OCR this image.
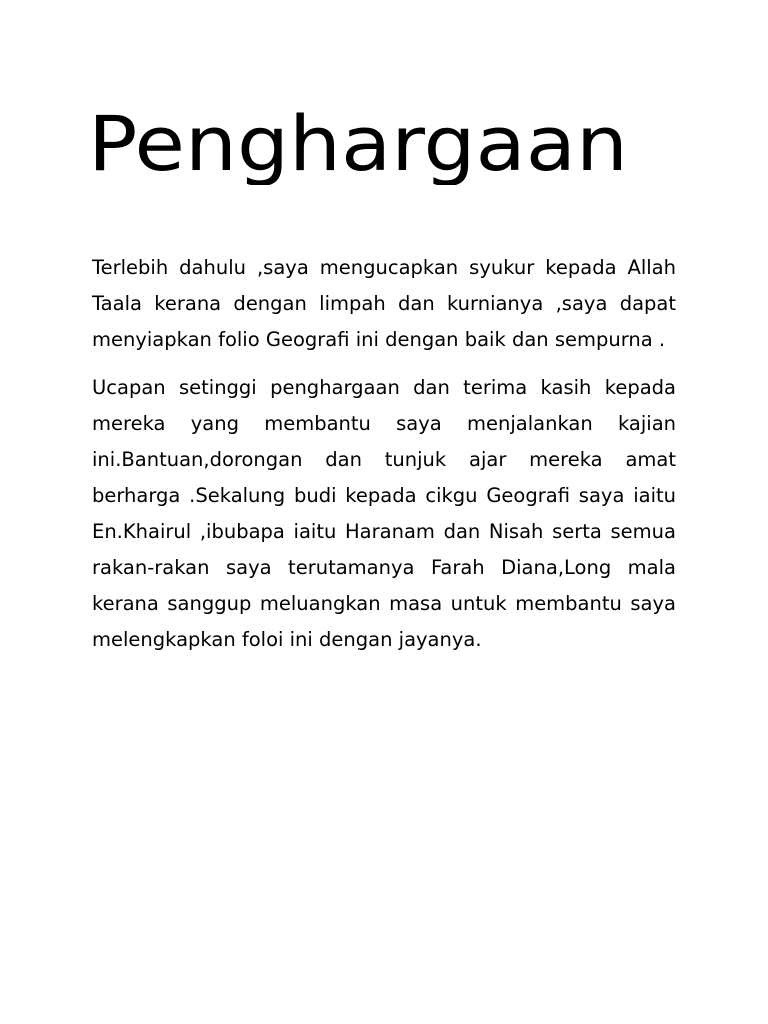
Penghargaan

Terlebih dahulu ,saya mengucapkan syukur kepada Allah Taala kerana dengan limpah dan kurnianya ,saya dapat menyiapkan folio Geografi ini dengan baik dan sempurna .

Ucapan setinggi penghargaan dan terima kasih kepada mereka yang membantu saya menjalankan kajian ini.Bantuan,dorongan dan tunjuk ajar mereka amat berharga .Sekalung budi kepada cikgu Geografi saya iaitu En.Khairul ,ibubapa iaitu Haranam dan Nisah serta semua rakan-rakan saya terutamanya Farah Diana,Long mala kerana sanggup meluangkan masa untuk membantu saya melengkapkan foloi ini dengan jayanya.
